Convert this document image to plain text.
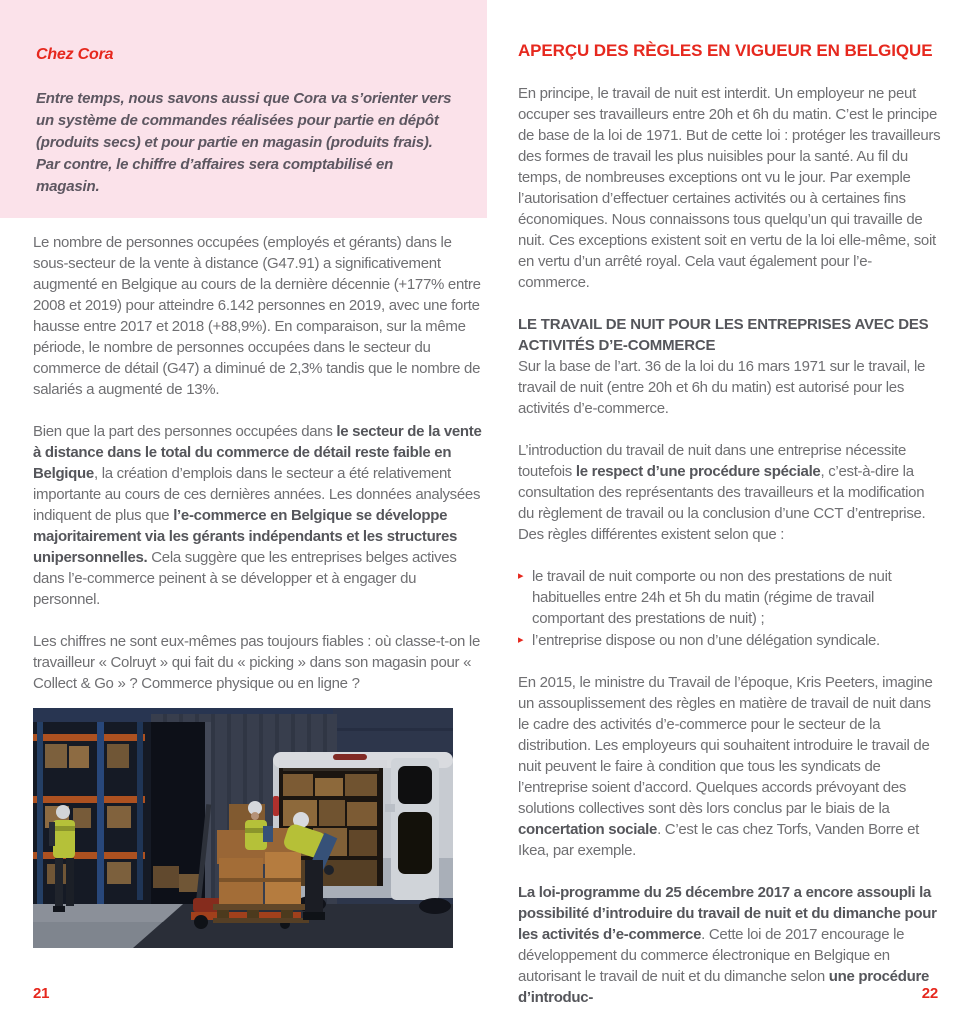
Chez Cora
Entre temps, nous savons aussi que Cora va s’orienter vers un système de commandes réalisées pour partie en dépôt (produits secs) et pour partie en magasin (produits frais). Par contre, le chiffre d’affaires sera comptabilisé en magasin.

Le nombre de personnes occupées (employés et gérants) dans le sous-secteur de la vente à distance (G47.91) a significativement augmenté en Belgique au cours de la dernière décennie (+177% entre 2008 et 2019) pour atteindre 6.142 personnes en 2019, avec une forte hausse entre 2017 et 2018 (+88,9%). En comparaison, sur la même période, le nombre de personnes occupées dans le secteur du commerce de détail (G47) a diminué de 2,3% tandis que le nombre de salariés a augmenté de 13%.

Bien que la part des personnes occupées dans le secteur de la vente à distance dans le total du commerce de détail reste faible en Belgique, la création d’emplois dans le secteur a été relativement importante au cours de ces dernières années. Les données analysées indiquent de plus que l’e-commerce en Belgique se développe majoritairement via les gérants indépendants et les structures unipersonnelles. Cela suggère que les entreprises belges actives dans l’e-commerce peinent à se développer et à engager du personnel.

Les chiffres ne sont eux-mêmes pas toujours fiables : où classe-t-on le travailleur « Colruyt » qui fait du « picking » dans son magasin pour « Collect & Go » ? Commerce physique ou en ligne ?

APERÇU DES RÈGLES EN VIGUEUR EN BELGIQUE

En principe, le travail de nuit est interdit. Un employeur ne peut occuper ses travailleurs entre 20h et 6h du matin. C’est le principe de base de la loi de 1971. But de cette loi : protéger les travailleurs des formes de travail les plus nuisibles pour la santé. Au fil du temps, de nombreuses exceptions ont vu le jour. Par exemple l’autorisation d’effectuer certaines activités ou à certaines fins économiques. Nous connaissons tous quelqu’un qui travaille de nuit. Ces exceptions existent soit en vertu de la loi elle-même, soit en vertu d’un arrêté royal. Cela vaut également pour l’e-commerce.

LE TRAVAIL DE NUIT POUR LES ENTREPRISES AVEC DES ACTIVITÉS D’E-COMMERCE

Sur la base de l’art. 36 de la loi du 16 mars 1971 sur le travail, le travail de nuit (entre 20h et 6h du matin) est autorisé pour les activités d’e-commerce.

L’introduction du travail de nuit dans une entreprise nécessite toutefois le respect d’une procédure spéciale, c’est-à-dire la consultation des représentants des travailleurs et la modification du règlement de travail ou la conclusion d’une CCT d’entreprise. Des règles différentes existent selon que :

▸ le travail de nuit comporte ou non des prestations de nuit habituelles entre 24h et 5h du matin (régime de travail comportant des prestations de nuit) ;
▸ l’entreprise dispose ou non d’une délégation syndicale.

En 2015, le ministre du Travail de l’époque, Kris Peeters, imagine un assouplissement des règles en matière de travail de nuit dans le cadre des activités d’e-commerce pour le secteur de la distribution. Les employeurs qui souhaitent introduire le travail de nuit peuvent le faire à condition que tous les syndicats de l’entreprise soient d’accord. Quelques accords prévoyant des solutions collectives sont dès lors conclus par le biais de la concertation sociale. C’est le cas chez Torfs, Vanden Borre et Ikea, par exemple.

La loi-programme du 25 décembre 2017 a encore assoupli la possibilité d’introduire du travail de nuit et du dimanche pour les activités d’e-commerce. Cette loi de 2017 encourage le développement du commerce électronique en Belgique en autorisant le travail de nuit et du dimanche selon une procédure d’introduc-

21	22
